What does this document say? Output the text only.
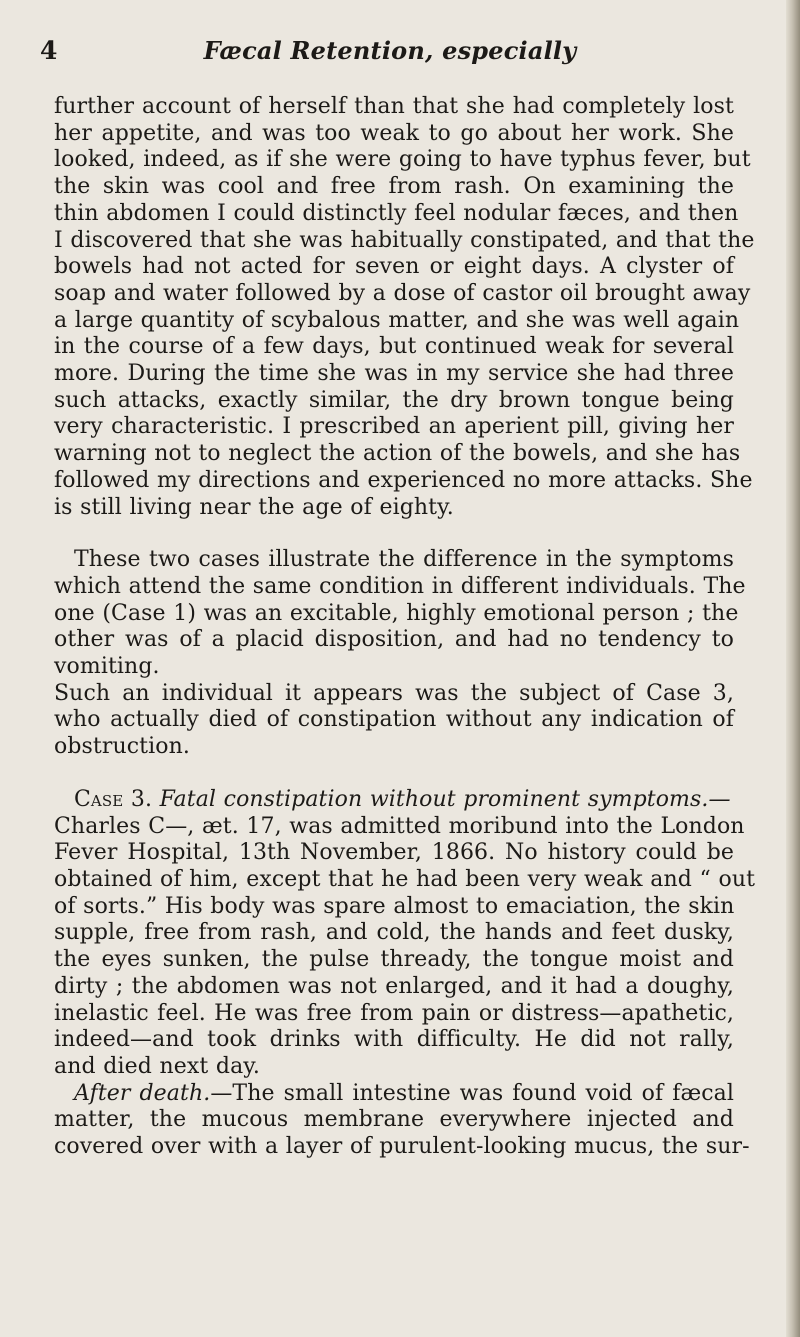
4	Fæcal Retention, especially

further account of herself than that she had completely lost
her appetite, and was too weak to go about her work. She
looked, indeed, as if she were going to have typhus fever, but
the skin was cool and free from rash. On examining the
thin abdomen I could distinctly feel nodular fæces, and then
I discovered that she was habitually constipated, and that the
bowels had not acted for seven or eight days. A clyster of
soap and water followed by a dose of castor oil brought away
a large quantity of scybalous matter, and she was well again
in the course of a few days, but continued weak for several
more. During the time she was in my service she had three
such attacks, exactly similar, the dry brown tongue being
very characteristic. I prescribed an aperient pill, giving her
warning not to neglect the action of the bowels, and she has
followed my directions and experienced no more attacks. She
is still living near the age of eighty.

These two cases illustrate the difference in the symptoms
which attend the same condition in different individuals. The
one (Case 1) was an excitable, highly emotional person ; the
other was of a placid disposition, and had no tendency to
vomiting.

Such an individual it appears was the subject of Case 3,
who actually died of constipation without any indication of
obstruction.

Case 3. Fatal constipation without prominent symptoms.—
Charles C—, æt. 17, was admitted moribund into the London
Fever Hospital, 13th November, 1866. No history could be
obtained of him, except that he had been very weak and “ out
of sorts.” His body was spare almost to emaciation, the skin
supple, free from rash, and cold, the hands and feet dusky,
the eyes sunken, the pulse thready, the tongue moist and
dirty ; the abdomen was not enlarged, and it had a doughy,
inelastic feel. He was free from pain or distress—apathetic,
indeed—and took drinks with difficulty. He did not rally,
and died next day.

After death.—The small intestine was found void of fæcal
matter, the mucous membrane everywhere injected and
covered over with a layer of purulent-looking mucus, the sur-
